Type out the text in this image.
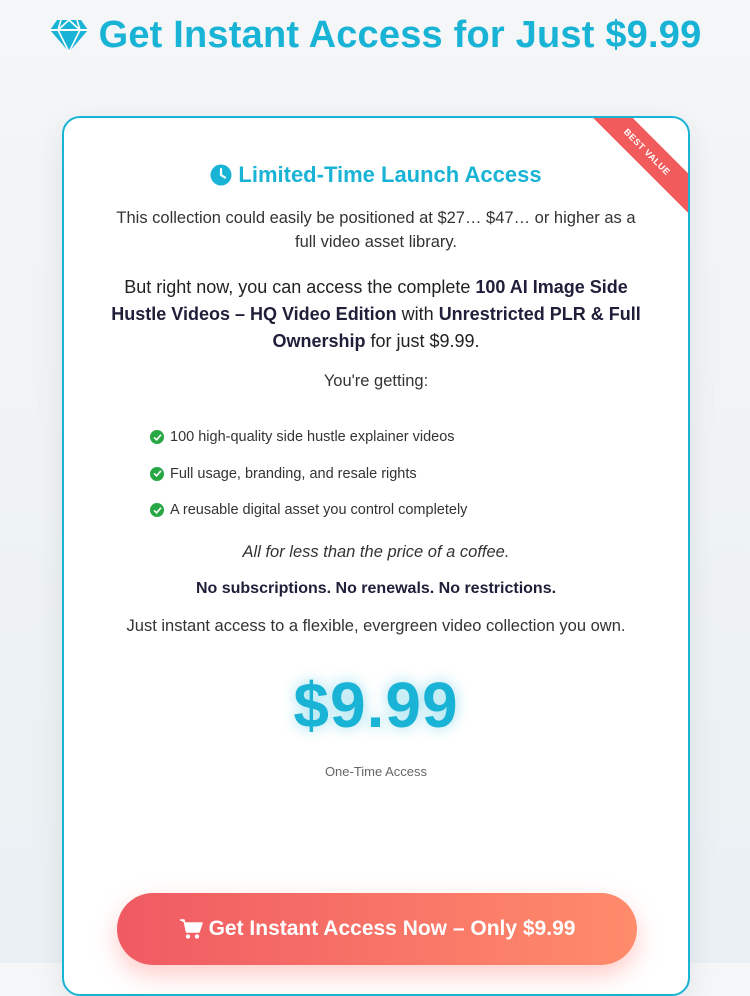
Get Instant Access for Just $9.99
BEST VALUE
Limited-Time Launch Access

This collection could easily be positioned at $27… $47… or higher as a full video asset library.

But right now, you can access the complete 100 AI Image Side Hustle Videos – HQ Video Edition with Unrestricted PLR & Full Ownership for just $9.99.

You're getting:

100 high-quality side hustle explainer videos
Full usage, branding, and resale rights
A reusable digital asset you control completely

All for less than the price of a coffee.

No subscriptions. No renewals. No restrictions.

Just instant access to a flexible, evergreen video collection you own.

$9.99
One-Time Access
Get Instant Access Now – Only $9.99
